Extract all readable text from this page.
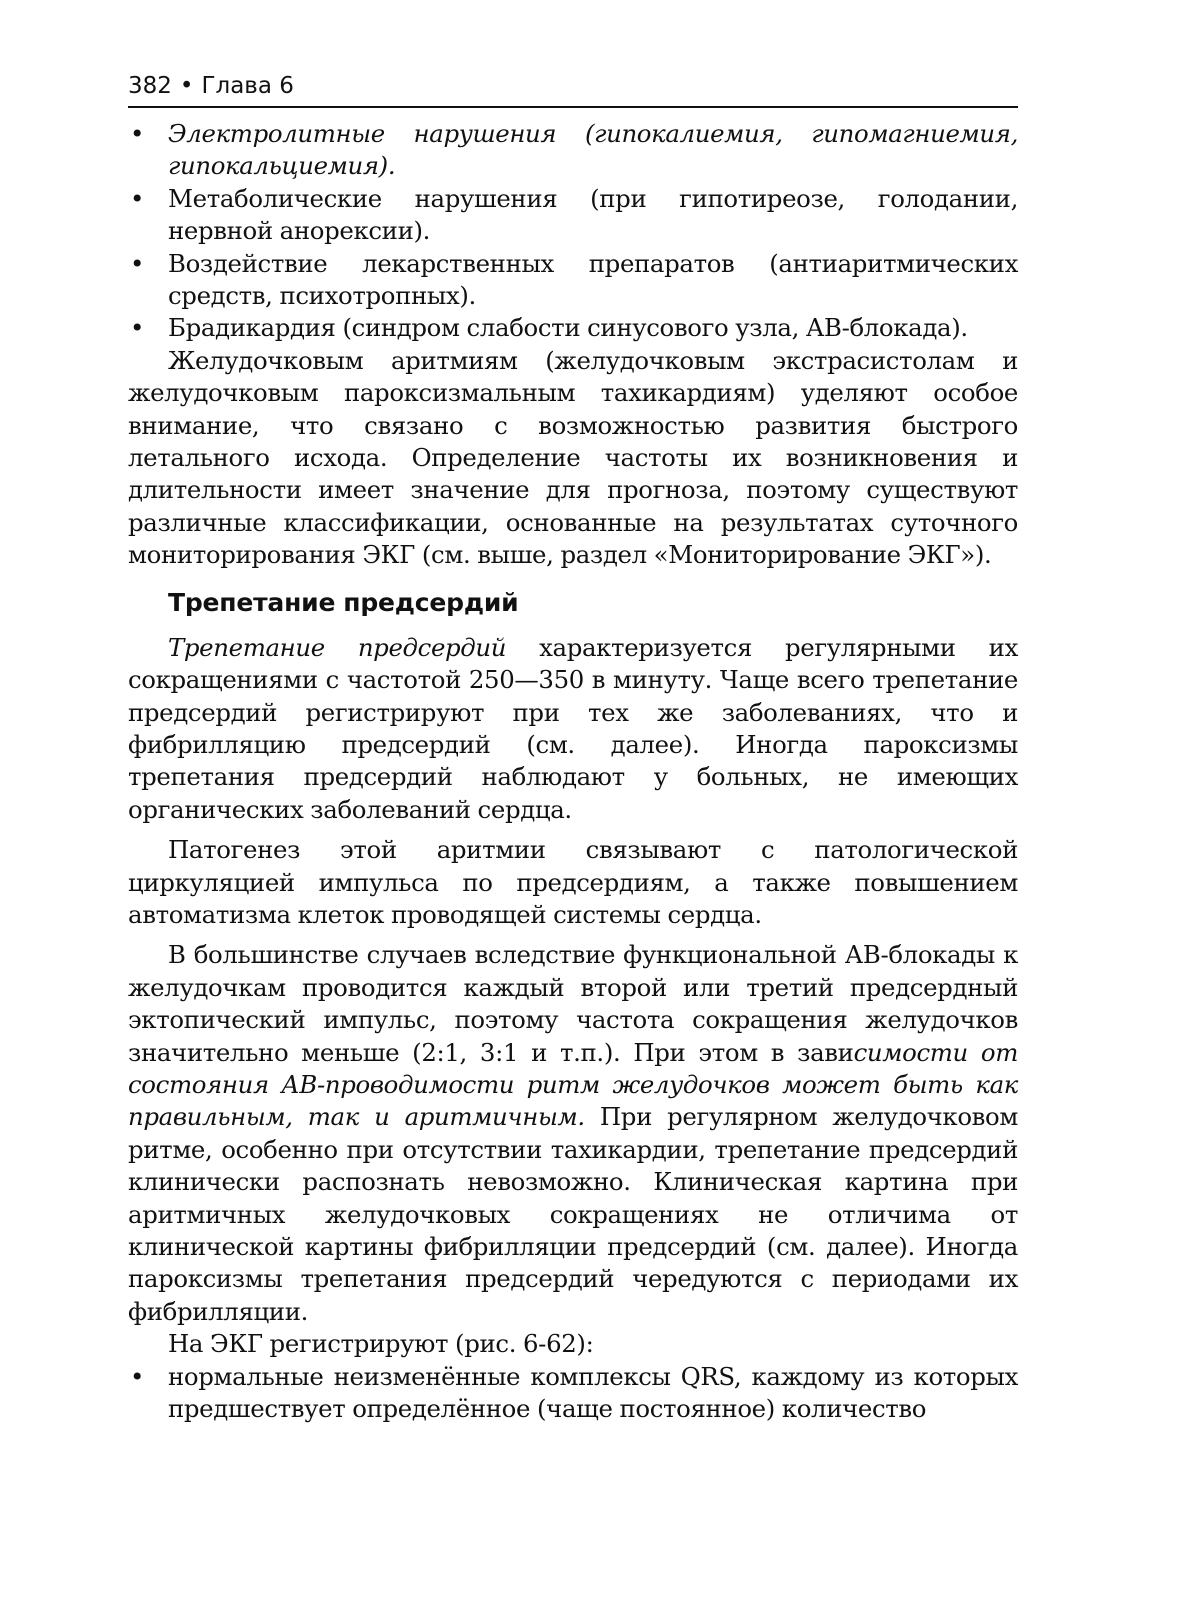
382 • Глава 6
• Электролитные нарушения (гипокалиемия, гипомагниемия, гипокальциемия).
• Метаболические нарушения (при гипотиреозе, голодании, нервной анорексии).
• Воздействие лекарственных препаратов (антиаритмических средств, психотропных).
• Брадикардия (синдром слабости синусового узла, АВ-блокада).

Желудочковым аритмиям (желудочковым экстрасистолам и желудочковым пароксизмальным тахикардиям) уделяют особое внимание, что связано с возможностью развития быстрого летального исхода. Определение частоты их возникновения и длительности имеет значение для прогноза, поэтому существуют различные классификации, основанные на результатах суточного мониторирования ЭКГ (см. выше, раздел «Мониторирование ЭКГ»).

Трепетание предсердий

Трепетание предсердий характеризуется регулярными их сокращениями с частотой 250—350 в минуту. Чаще всего трепетание предсердий регистрируют при тех же заболеваниях, что и фибрилляцию предсердий (см. далее). Иногда пароксизмы трепетания предсердий наблюдают у больных, не имеющих органических заболеваний сердца.

Патогенез этой аритмии связывают с патологической циркуляцией импульса по предсердиям, а также повышением автоматизма клеток проводящей системы сердца.

В большинстве случаев вследствие функциональной АВ-блокады к желудочкам проводится каждый второй или третий предсердный эктопический импульс, поэтому частота сокращения желудочков значительно меньше (2:1, 3:1 и т.п.). При этом в зависимости от состояния АВ-проводимости ритм желудочков может быть как правильным, так и аритмичным. При регулярном желудочковом ритме, особенно при отсутствии тахикардии, трепетание предсердий клинически распознать невозможно. Клиническая картина при аритмичных желудочковых сокращениях не отличима от клинической картины фибрилляции предсердий (см. далее). Иногда пароксизмы трепетания предсердий чередуются с периодами их фибрилляции.

На ЭКГ регистрируют (рис. 6-62):

• нормальные неизменённые комплексы QRS, каждому из которых предшествует определённое (чаще постоянное) количество
